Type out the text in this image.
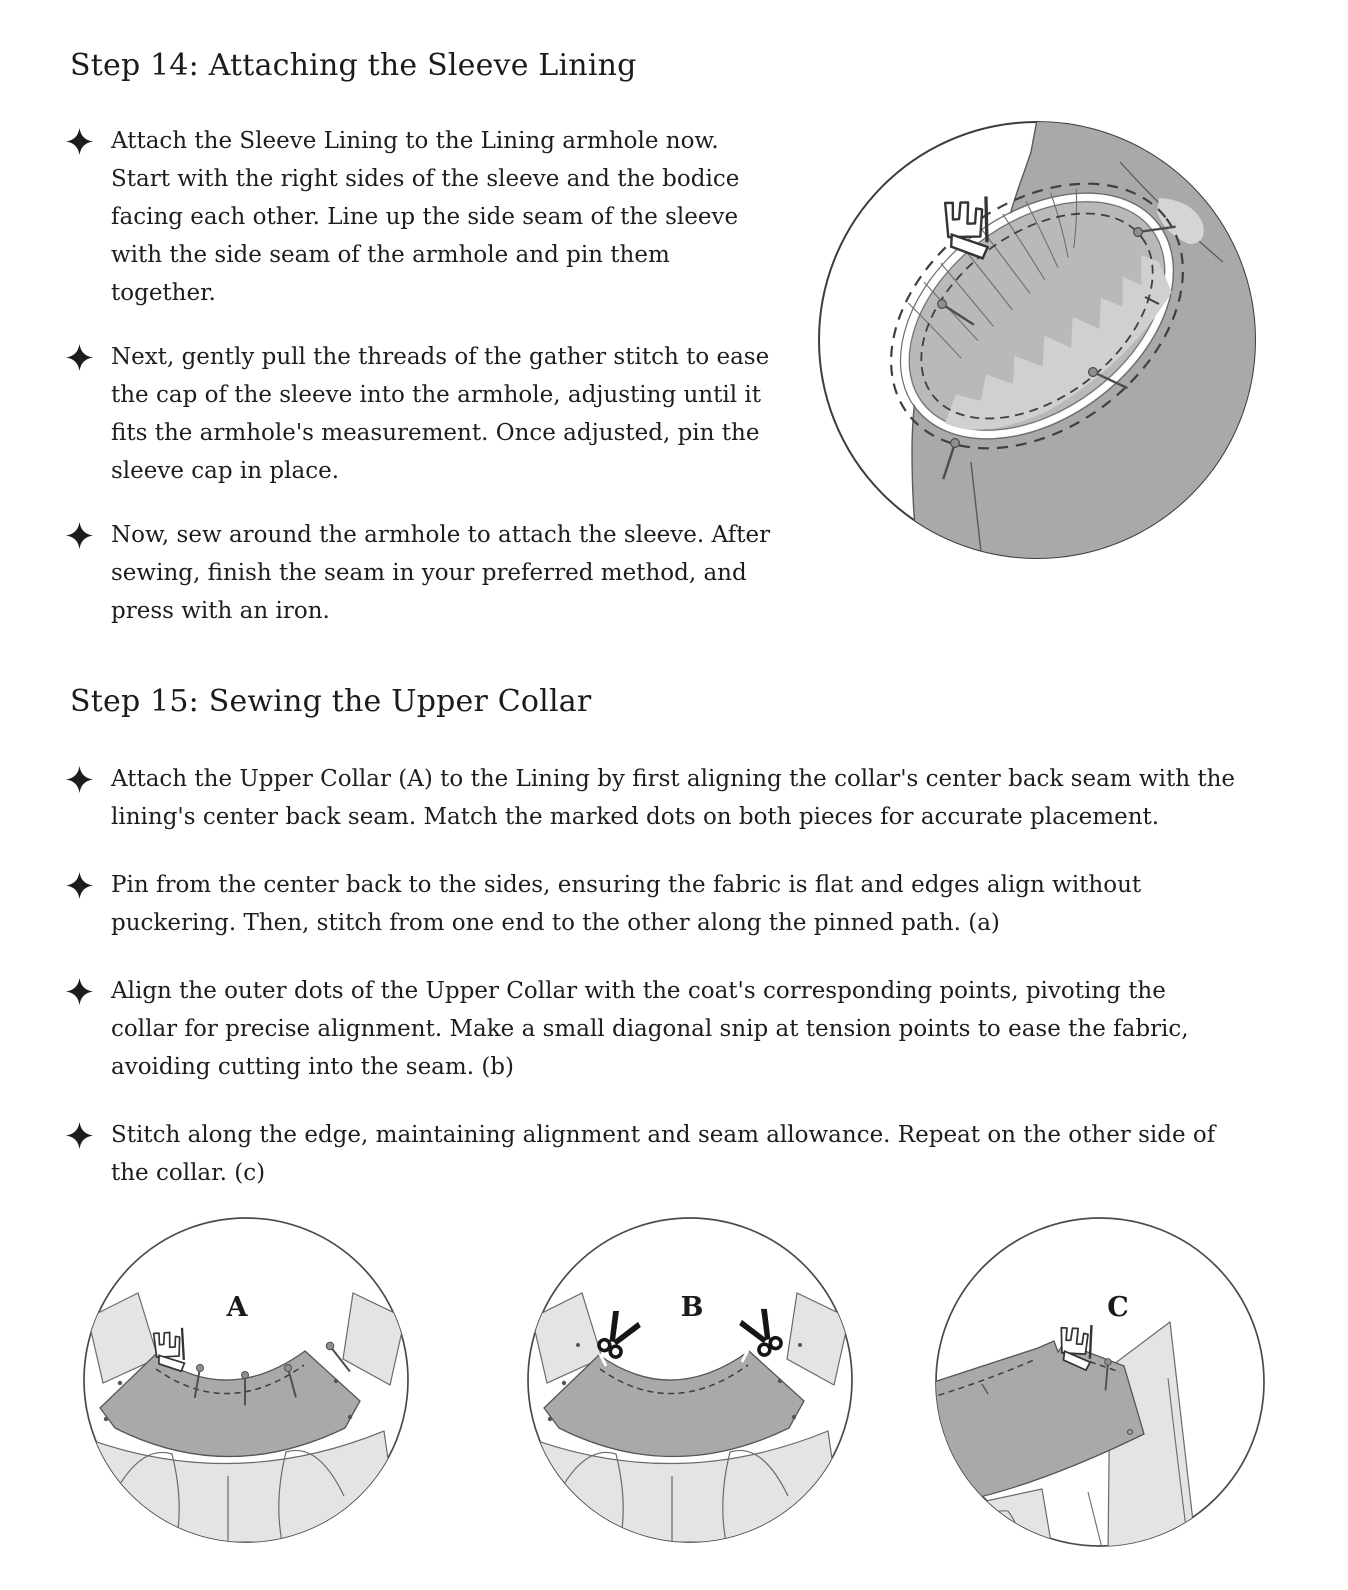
Step 14: Attaching the Sleeve Lining

Attach the Sleeve Lining to the Lining armhole now. Start with the right sides of the sleeve and the bodice facing each other. Line up the side seam of the sleeve with the side seam of the armhole and pin them together.

Next, gently pull the threads of the gather stitch to ease the cap of the sleeve into the armhole, adjusting until it fits the armhole's measurement. Once adjusted, pin the sleeve cap in place.

Now, sew around the armhole to attach the sleeve. After sewing, finish the seam in your preferred method, and press with an iron.

Step 15: Sewing the Upper Collar

Attach the Upper Collar (A) to the Lining by first aligning the collar's center back seam with the lining's center back seam. Match the marked dots on both pieces for accurate placement.

Pin from the center back to the sides, ensuring the fabric is flat and edges align without puckering. Then, stitch from one end to the other along the pinned path. (a)

Align the outer dots of the Upper Collar with the coat's corresponding points, pivoting the collar for precise alignment. Make a small diagonal snip at tension points to ease the fabric, avoiding cutting into the seam. (b)

Stitch along the edge, maintaining alignment and seam allowance. Repeat on the other side of the collar. (c)

A	B	C
